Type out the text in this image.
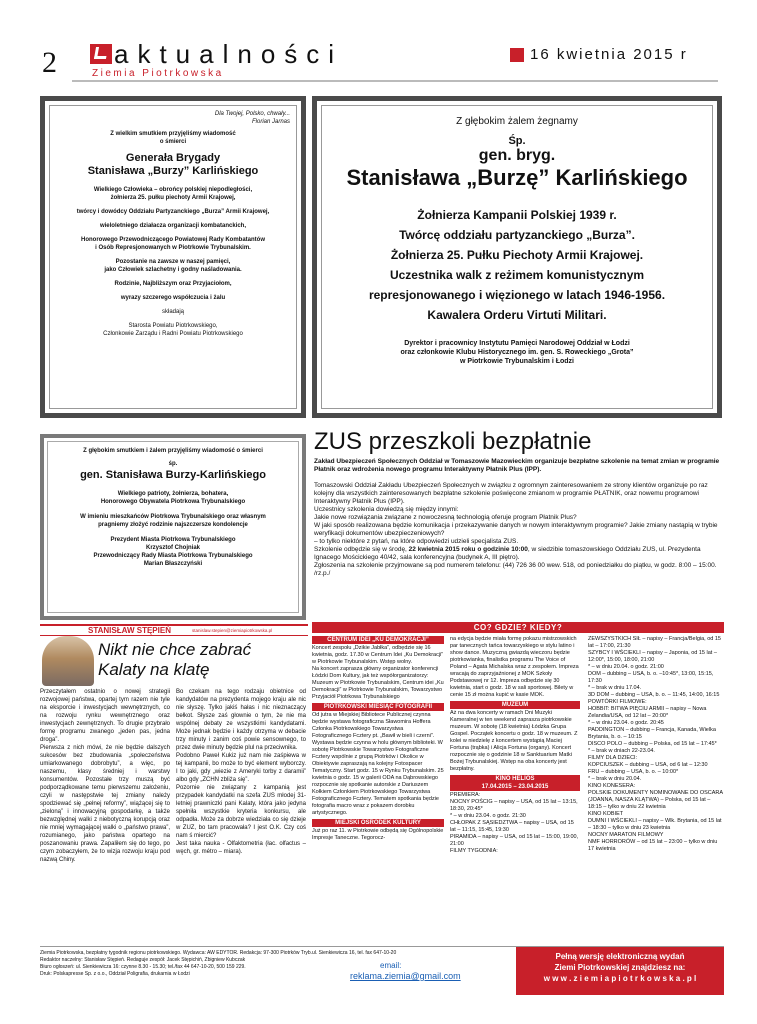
2 aktualności
Ziemia Piotrkowska
16 kwietnia 2015 r

Dla Twojej, Polsko, chwały...

Florian Jarnas

Z wielkim smutkiem przyjęliśmy wiadomość

o śmierci

Generała Brygady

Stanisława „Burzy” Karlińskiego

Wielkiego Człowieka – obrońcy polskiej niepodległości,

żołnierza 25. pułku piechoty Armii Krajowej,

twórcy i dowódcy Oddziału Partyzanckiego „Burza” Armii Krajowej,

wieloletniego działacza organizacji kombatanckich,

Honorowego Przewodniczącego Powiatowej Rady Kombatantów

i Osób Represjonowanych w Piotrkowie Trybunalskim.

Pozostanie na zawsze w naszej pamięci,

jako Człowiek szlachetny i godny naśladowania.

Rodzinie, Najbliższym oraz Przyjaciołom,

wyrazy szczerego współczucia i żalu

składają

Starosta Powiatu Piotrkowskiego,

Członkowie Zarządu i Radni Powiatu Piotrkowskiego

Z głębokim żalem żegnamy

Śp.

gen. bryg.

Stanisława „Burzę” Karlińskiego

Żołnierza Kampanii Polskiej 1939 r.

Twórcę oddziału partyzanckiego „Burza”.

Żołnierza 25. Pułku Piechoty Armii Krajowej.

Uczestnika walk z reżimem komunistycznym

represjonowanego i więzionego w latach 1946-1956.

Kawalera Orderu Virtuti Militari.

Dyrektor i pracownicy Instytutu Pamięci Narodowej Oddział w Łodzi

oraz członkowie Klubu Historycznego im. gen. S. Roweckiego „Grota”

w Piotrkowie Trybunalskim i Łodzi

Z głębokim smutkiem i żalem przyjęliśmy wiadomość o śmierci

śp.

gen. Stanisława Burzy-Karlińskiego

Wielkiego patrioty, żołnierza, bohatera,

Honorowego Obywatela Piotrkowa Trybunalskiego

W imieniu mieszkańców Piotrkowa Trybunalskiego oraz własnym

pragniemy złożyć rodzinie najszczersze kondolencje

Prezydent Miasta Piotrkowa Trybunalskiego

Krzysztof Chojniak

Przewodniczący Rady Miasta Piotrkowa Trybunalskiego

Marian Błaszczyński

ZUS przeszkoli bezpłatnie

Zakład Ubezpieczeń Społecznych Oddział w Tomaszowie Mazowieckim organizuje bezpłatne szkolenie na temat zmian w programie Płatnik oraz wdrożenia nowego programu Interaktywny Płatnik Plus (IPP).

Tomaszowski Oddział Zakładu Ubezpieczeń Społecznych w związku z ogromnym zainteresowaniem ze strony klientów organizuje po raz kolejny dla wszystkich zainteresowanych bezpłatne szkolenie poświęcone zmianom w programie PŁATNIK, oraz nowemu programowi Interaktywny Płatnik Plus (IPP).

Uczestnicy szkolenia dowiedzą się między innymi:

Jakie nowe rozwiązania związane z nowoczesną technologią oferuje program Płatnik Plus?

W jaki sposób realizowana będzie komunikacja i przekazywanie danych w nowym interaktywnym programie? Jakie zmiany nastąpią w trybie weryfikacji dokumentów ubezpieczeniowych?

– to tylko niektóre z pytań, na które odpowiedzi udzieli specjalista ZUS.

Szkolenie odbędzie się w środę, 22 kwietnia 2015 roku o godzinie 10:00, w siedzibie tomaszowskiego Oddziału ZUS, ul. Prezydenta Ignacego Mościckiego 40/42, sala konferencyjna (budynek A, III piętro).

Zgłoszenia na szkolenie przyjmowane są pod numerem telefonu: (44) 726 36 00 wew. 518, od poniedziałku do piątku, w godz. 8:00 – 15:00. /rz.p./

STANISŁAW STĘPIEŃ	stanislaw.stepien@ziemiapiotrkowska.pl
Nikt nie chce zabrać
Kalaty na klatę

Przeczytałem ostatnio o nowej strategii rozwojowej państwa, opartej tym razem nie tyle na eksporcie i inwestycjach wewnętrznych, co na rozwoju rynku wewnętrznego oraz inwestycjach zewnętrznych. To drugie przybrało formę programu zwanego „jeden pas, jedna droga”.
Pierwsza z nich mówi, że nie będzie dalszych sukcesów bez zbudowania „społeczeństwa umiarkowanego dobrobytu”, a więc, po naszemu, klasy średniej i warstwy konsumentów. Pozostałe trzy muszą być podporządkowane temu pierwszemu założeniu, czyli w następstwie tej zmiany należy spodziewać się „pełnej reformy”, wiążącej się to „zieloną” i innowacyjną gospodarkę, a także bezwzględnej walki z niebotyczną korupcją oraz nie mniej wymagającej walki o „państwo prawa”, rozumianego, jako państwa opartego na poszanowaniu prawa. Zapaliłem się do tego, po czym zobaczyłem, że to wizja rozwoju kraju pod nazwą Chiny.

Bo czekam na tego rodzaju obietnice od kandydatów na prezydenta mojego kraju ale nic nie słyszę. Tylko jakiś hałas i nic nieznaczący bełkot. Słysze zaś głownie o tym, że nie ma wspólnej debaty ze wszystkimi kandydatami. Może jednak będzie i każdy otrzyma w debacie trzy minuty i zanim coś powie sensownego, to przez dwie minuty będzie plul na przeciwnika.
Podobno Paweł Kukiz już nam nie zaśpiewa w tej kampanii, bo może to być element wyborczy. I to jaki, gdy „wiezie z Ameryki torby z daramii” albo gdy „ZCHN zbliża się”.
Pozornie nie związany z kampanią jest przypadek kandydatki na szefa ZUS młodej 31- letniej prawniczki pani Kalaty, która jako jedyna spełniła wszystkie kryteria konkursu, ale odpadła. Może za dobrze wiedziała co się dzieje w ZUZ, bo tam pracowała? I jest O.K. Czy coś nam ś miercić?
Jest taka nauka - Olfaktometria (łac. olfactus – węch, gr. métro – miara).

CO? GDZIE? KIEDY?
CENTRUM IDEI „KU DEMOKRACJI”

Koncert zespołu „Dzikie Jabłka”, odbędzie się 16 kwietnia, godz. 17.30 w Centrum Idei „Ku Demokracji” w Piotrkowie Trybunalskim. Wstęp wolny.
Na koncert zaprasza główny organizator konferencji Łódzki Dom Kultury, jak też współorganizatorzy: Muzeum w Piotrkowie Trybunalskim, Centrum idei „Ku Demokracji” w Piotrkowie Trybunalskim, Towarzystwo Przyjaciół Piotrkowa Trybunalskiego

PIOTRKOWSKI MIESIĄC FOTOGRAFII

Od jutra w Miejskiej Bibliotece Publicznej czynna będzie wystawa fotograficzna Sławomira Hoffera Członka Piotrkowskiego Towarzystwa Fotograficznego Fcztery pt. „Bawił w bieli i czerni”. Wystawa będzie czynna w holu głównym biblioteki. W sobotę Piotrkowskie Towarzystwo Fotograficzne Fcztery wspólnie z grupą Piotrków i Okolice w Obiektywie zapraszają na kolejny Fotospacer Tematyczny. Start godz. 15 w Rynku Trybunalskim. 25 kwietnia o godz. 15 w galerii ODA na Dąbrowskiego rozpocznie się spotkanie autorskie z Dariuszem Kołkiem Członkiem Piotrkowskiego Towarzystwa Fotograficznego Fcztery. Tematem spotkania będzie fotografia macro wraz z pokazem dorobku artystycznego.

MIEJSKI OŚRODEK KULTURY

Już po raz 11. w Piotrkowie odbędą się Ogólnopolskie Impresje Taneczne. Tegorocz-

na edycja będzie miała formę pokazu mistrzowskich par tanecznych tańca towarzyskiego w stylu latino i show dance. Muzyczną gwiazdą wieczoru będzie piotrkowianka, finalistka programu The Voice of Poland – Agata Michalska wraz z zespołem. Impreza wracają do zaprzyjaźnionej z MOK Szkoły Podstawowej nr 12. Impreza odbędzie się 30 kwietnia, start o godz. 18 w sali sportowej. Bilety w cenie 15 zł można kupić w kasie MOK.

MUZEUM

Aż na dwa koncerty w ramach Dni Muzyki Kameralnej w ten weekend zaprasza piotrkowskie muzeum. W sobotę (18 kwietnia) Łódzka Grupa Gospel. Początek koncertu o godz. 18 w muzeum. Z kolei w niedzielę z koncertem wystąpią Maciej Fortuna (trąbka) i Alicja Fortuna (organy). Koncert rozpocznie się o godzinie 18 w Sanktuarium Matki Bożej Trybunalskiej. Wstęp na oba koncerty jest bezpłatny.

KINO HELIOS
17.04.2015 – 23.04.2015

PREMIERA:
NOCNY POŚCIG – napisy – USA, od 15 lat – 13:15, 18:30, 20:45*
* – w dniu 23.04. o godz. 21:30
CHŁOPAK Z SĄSIEDZTWA – napisy – USA, od 15 lat – 11:15, 15:45, 19:30
PIRAMIDA – napisy – USA, od 15 lat – 15:00, 19:00, 21:00
FILMY TYGODNIA:

ZEWSZYSTKICH SIŁ – napisy – Francja/Belgia, od 15 lat – 17:00, 21:30
SZYBCY I WŚCIEKLI – napisy – Japonia, od 15 lat – 12:00*, 15:00, 18:00, 21:00
* – w dniu 20.04. o godz. 21:00
DOM – dubbing – USA, b. o. –10:45*, 13:00, 15:15, 17:30
* – brak w dniu 17.04.
3D DOM – dubbing – USA, b. o. – 11:45, 14:00, 16:15
POWTÓRKI FILMOWE:
HOBBIT: BITWA PIĘCIU ARMII – napisy – Nowa Zelandia/USA, od 12 lat – 20:00*
* – w dniu 23.04. o godz. 20:45
PADDINGTON – dubbing – Francja, Kanada, Wielka Brytania, b. o. – 10:15
DISCO POLO – dubbing – Polska, od 15 lat – 17:45*
* – brak w dniach 22-23.04.
FILMY DLA DZIECI:
KOPCIUSZEK – dubbing – USA, od 6 lat – 12:30
FRU – dubbing – USA, b. o. – 10:00*
* – brak w dniu 20.04.
KINO KONESERA:
POLSKIE DOKUMENTY NOMINOWANE DO OSCARA (JOANNA, NASZA KLĄTWA) – Polska, od 15 lat – 18:15 – tylko w dniu 22 kwietnia
KINO KOBIET
DUMNI I WŚCIEKLI – napisy – Wlk. Brytania, od 15 lat – 18:30 – tylko w dniu 23 kwietnia
NOCNY MARATON FILMOWY
NMF HORRORÓW – od 15 lat – 23:00 – tylko w dniu 17 kwietnia

Ziemia Piotrkowska, bezpłatny tygodnik regionu piotrkowskiego. Wydawca: AW EDYTOR. Redakcja: 97-300 Piotrków Tryb.ul. Sienkiewicza 16, tel. fax 647-10-20

Redaktor naczelny: Stanisław Stępień. Redaguje zespół: Jacek Stępichiń, Zbigniew Kubczak

Biuro ogłoszeń: ul. Sienkiewicza 16: czynne 8.30 - 15.30; tel./fax 44 647-10-20, 500 159 229.

Druk: Polskapresse Sp. z o.o., Oddział Poligrafia, drukarnia w Łodzi

email:
reklama.ziemia@gmail.com

Pełną wersję elektroniczną wydań

Ziemi Piotrkowskiej znajdziesz na:

w w w . z i e m i a p i o t r k o w s k a . p l
